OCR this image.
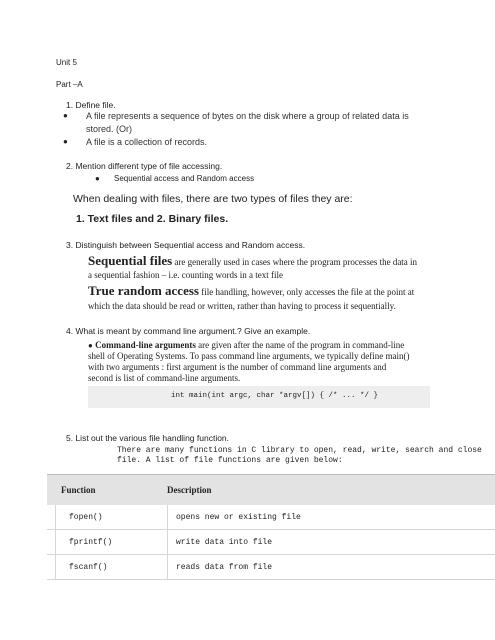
Unit 5
Part –A
1. Define file.
● A file represents a sequence of bytes on the disk where a group of related data is
stored. (Or)
● A file is a collection of records.
2. Mention different type of file accessing.
● Sequential access and Random access
When dealing with files, there are two types of files they are:
1. Text files and 2. Binary files.
3. Distinguish between Sequential access and Random access.
Sequential files are generally used in cases where the program processes the data in
a sequential fashion – i.e. counting words in a text file
True random access file handling, however, only accesses the file at the point at
which the data should be read or written, rather than having to process it sequentially.
4. What is meant by command line argument.? Give an example.
● Command-line arguments are given after the name of the program in command-line
shell of Operating Systems. To pass command line arguments, we typically define main()
with two arguments : first argument is the number of command line arguments and
second is list of command-line arguments.
int main(int argc, char *argv[]) { /* ... */ }
5. List out the various file handling function.
There are many functions in C library to open, read, write, search and close
file. A list of file functions are given below:
Function	Description
fopen()	opens new or existing file
fprintf()	write data into file
fscanf()	reads data from file
